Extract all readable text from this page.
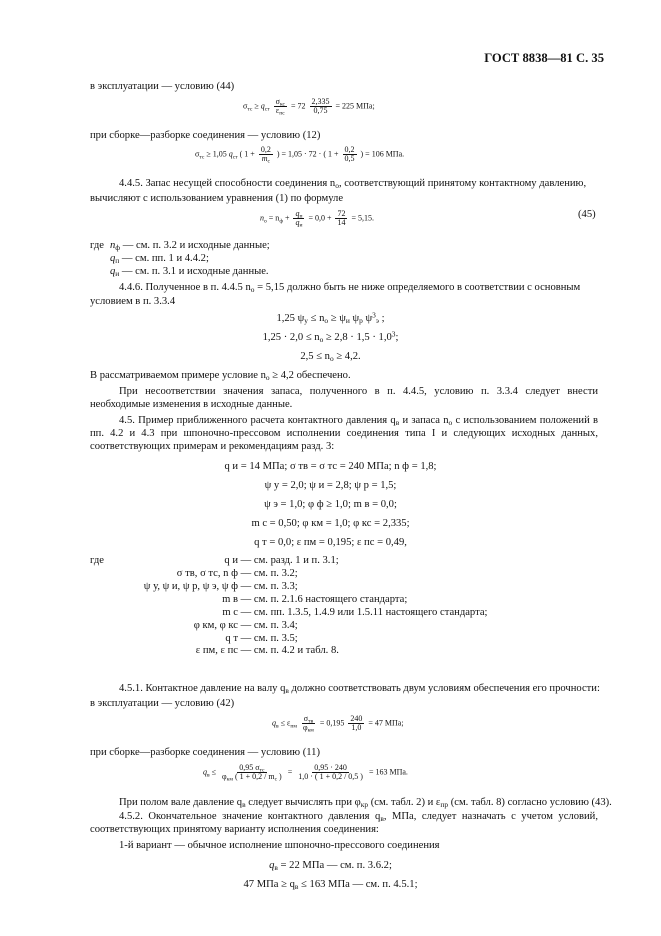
ГОСТ 8838—81 С. 35
в эксплуатации — условию (44)
$\sigma_{тс} \ge q_{ст} \frac{\sigma_{кс}}{\varepsilon_{пс}} = 72 \frac{2,335}{0,75} = 225$ МПа;
при сборке—разборке соединения — условию (12)
$\sigma_{тс} \ge 1,05$ $q_{ст}$ ( $1 + \frac{0,2}{m_с}$ ) = 1,05 · 72 · ( $1 + \frac{0,2}{0,5}$ ) = 106 МПа.
4.4.5. Запас несущей способности соединения $n_о$, соответствующий принятому контактному давлению,
вычисляют с использованием уравнения (1) по формуле
$n_о = n_ф + \frac{q_п}{q_и} = 0,0 + \frac{72}{14} = 5,15$.	(45)
где $n_ф$ — см. п. 3.2 и исходные данные;
$q_п$ — см. пп. 1 и 4.4.2;
$q_и$ — см. п. 3.1 и исходные данные.
4.4.6. Полученное в п. 4.4.5 $n_о = 5,15$ должно быть не ниже определяемого в соответствии с основным
условием в п. 3.3.4
1,25 $\psi_у \le n_о \ge \psi_и$ $\psi_р$ $\psi^3_э$ ;
$1,25 \cdot 2,0 \le n_о \ge 2,8 \cdot 1,5 \cdot 1,0^3$;
$2,5 \le n_о \ge 4,2$.
В рассматриваемом примере условие $n_о \ge 4,2$ обеспечено.
При несоответствии значения запаса, полученного в п. 4.4.5, условию п. 3.3.4 следует внести необходимые изменения в исходные данные.
4.5. Пример приближенного расчета контактного давления $q_в$ и запаса $n_о$ с использованием положений в пп. 4.2 и 4.3 при шпоночно-прессовом исполнении соединения типа I и следующих исходных данных, соответствующих примерам и рекомендациям разд. 3:
q и = 14 МПа; σ тв = σ тс = 240 МПа; n ф = 1,8;
ψ у = 2,0; ψ и = 2,8; ψ р = 1,5;
ψ э = 1,0; φ ф ≥ 1,0; m в = 0,0;
m с = 0,50; φ км = 1,0; φ кс = 2,335;
q т = 0,0; ε пм = 0,195; ε пс = 0,49,
где	q и
— см. разд. 1 и п. 3.1;
σ тв, σ тс, n ф
— см. п. 3.2;
ψ у, ψ и, ψ р, ψ э, ψ ф
— см. п. 3.3;
m в
— см. п. 2.1.6 настоящего стандарта;
m с
— см. пп. 1.3.5, 1.4.9 или 1.5.11 настоящего стандарта;
φ км, φ кс
— см. п. 3.4;
q т
— см. п. 3.5;
ε пм, ε пс
— см. п. 4.2 и табл. 8.
4.5.1. Контактное давление на валу $q_в$ должно соответствовать двум условиям обеспечения его прочности:
в эксплуатации — условию (42)
$q_в \le \varepsilon_{пм} \frac{\sigma_{тв}}{\varphi_{км}} = 0,195 \frac{240}{1,0} = 47$ МПа;
при сборке—разборке соединения — условию (11)
$q_в \le \frac{0,95 \sigma_{тс}}{\varphi_{км} ( 1 + 0,2 / m_с )} = \frac{0,95 \cdot 240}{1,0 \cdot ( 1 + 0,2 / 0,5 )} = 163$ МПа.
При полом вале давление $q_в$ следует вычислять при $\varphi_{кр}$ (см. табл. 2) и $\varepsilon_{пр}$ (см. табл. 8) согласно условию (43).
4.5.2. Окончательное значение контактного давления $q_в$, МПа, следует назначать с учетом условий, соответствующих принятому варианту исполнения соединения:
1-й вариант — обычное исполнение шпоночно-прессового соединения
$q_в = 22$ МПа — см. п. 3.6.2;
47 МПа ≥ $q_в \le 163$ МПа — см. п. 4.5.1;
